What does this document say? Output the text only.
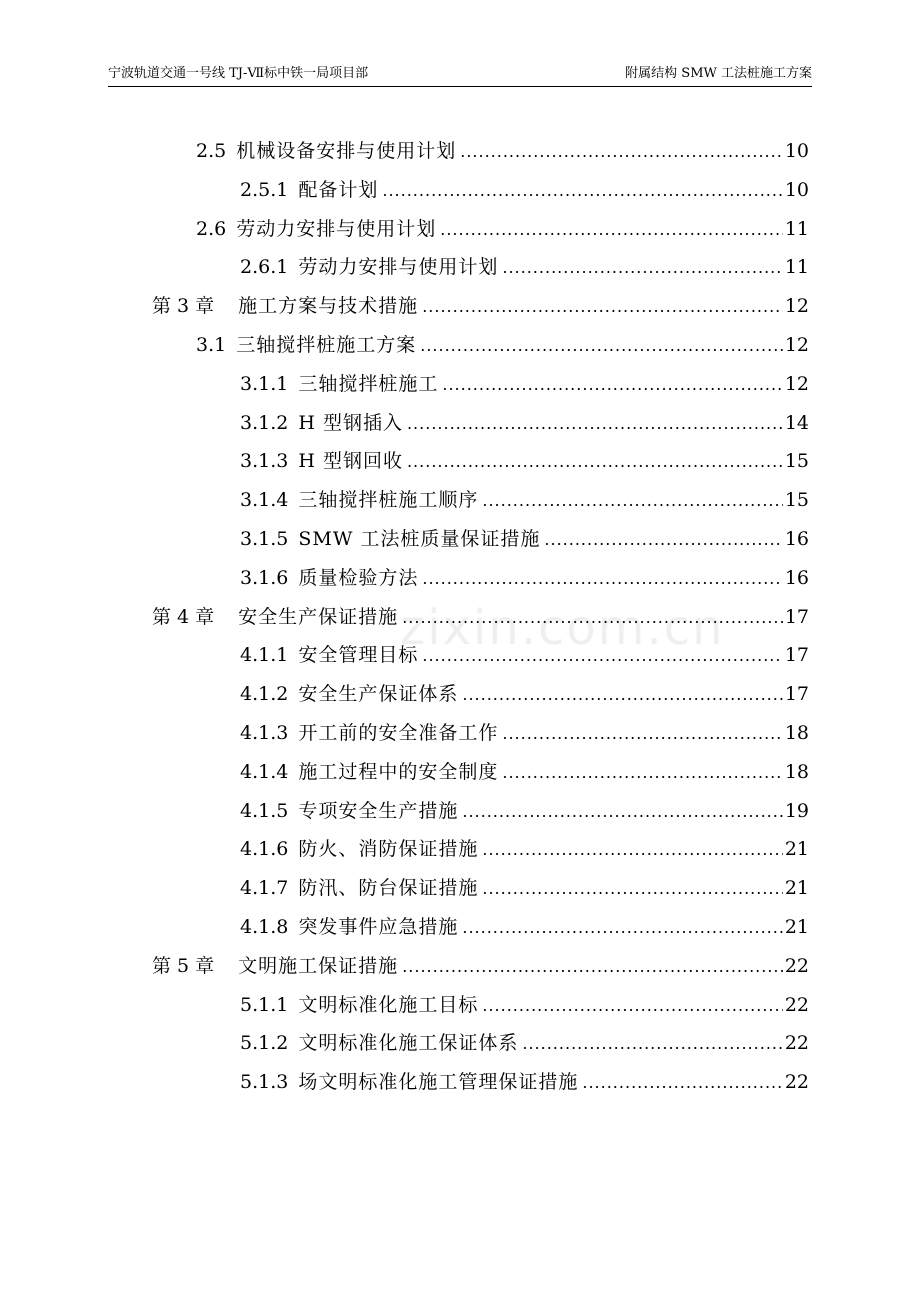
宁波轨道交通一号线 TJ-Ⅶ标中铁一局项目部	附属结构 SMW 工法桩施工方案
zixin.com.cn
2.5 机械设备安排与使用计划 .....	10
2.5.1 配备计划 .....	10
2.6 劳动力安排与使用计划 .....	11
2.6.1 劳动力安排与使用计划 .....	11
第 3 章 施工方案与技术措施 .....	12
3.1 三轴搅拌桩施工方案 .....	12
3.1.1 三轴搅拌桩施工 .....	12
3.1.2 H 型钢插入 .....	14
3.1.3 H 型钢回收 .....	15
3.1.4 三轴搅拌桩施工顺序 .....	15
3.1.5 SMW 工法桩质量保证措施 .....	16
3.1.6 质量检验方法 .....	16
第 4 章 安全生产保证措施 .....	17
4.1.1 安全管理目标 .....	17
4.1.2 安全生产保证体系 .....	17
4.1.3 开工前的安全准备工作 .....	18
4.1.4 施工过程中的安全制度 .....	18
4.1.5 专项安全生产措施 .....	19
4.1.6 防火、消防保证措施 .....	21
4.1.7 防汛、防台保证措施 .....	21
4.1.8 突发事件应急措施 .....	21
第 5 章 文明施工保证措施 .....	22
5.1.1 文明标准化施工目标 .....	22
5.1.2 文明标准化施工保证体系 .....	22
5.1.3 场文明标准化施工管理保证措施 .....	22
